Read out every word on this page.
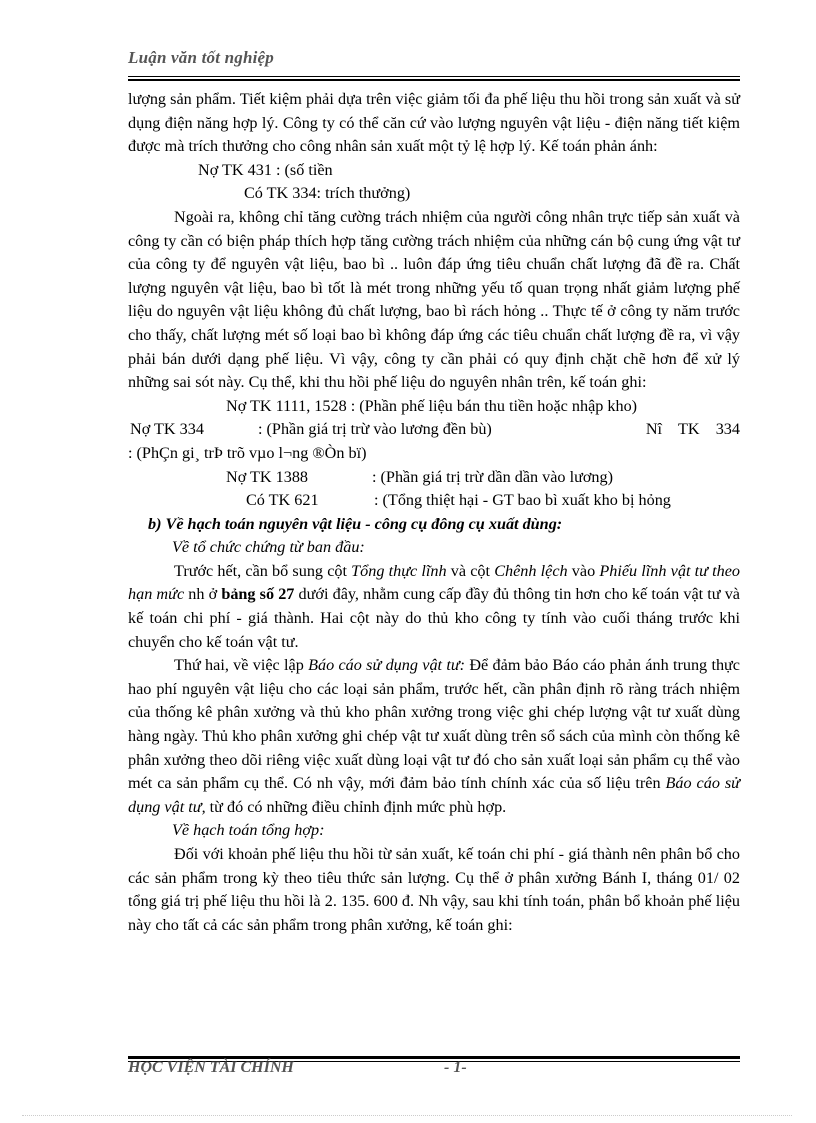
Luận văn tốt nghiệp

lượng sản phẩm. Tiết kiệm phải dựa trên việc giảm tối đa phế liệu thu hồi trong sản xuất và sử dụng điện năng hợp lý. Công ty có thể căn cứ vào lượng nguyên vật liệu - điện năng tiết kiệm được mà trích thưởng cho công nhân sản xuất một tỷ lệ hợp lý. Kế toán phản ánh:

Nợ TK 431 : (số tiền

Có TK 334: trích thưởng)

Ngoài ra, không chỉ tăng cường trách nhiệm của người công nhân trực tiếp sản xuất và công ty cần có biện pháp thích hợp tăng cường trách nhiệm của những cán bộ cung ứng vật tư của công ty để nguyên vật liệu, bao bì .. luôn đáp ứng tiêu chuẩn chất lượng đã đề ra. Chất lượng nguyên vật liệu, bao bì tốt là mét trong những yếu tố quan trọng nhất giảm lượng phế liệu do nguyên vật liệu không đủ chất lượng, bao bì rách hỏng .. Thực tế ở công ty năm trước cho thấy, chất lượng mét số loại bao bì không đáp ứng các tiêu chuẩn chất lượng đề ra, vì vậy phải bán dưới dạng phế liệu. Vì vậy, công ty cần phải có quy định chặt chẽ hơn để xử lý những sai sót này. Cụ thể, khi thu hồi phế liệu do nguyên nhân trên, kế toán ghi:

Nợ TK 1111, 1528 : (Phần phế liệu bán thu tiền hoặc nhập kho)

Nợ TK 334	: (Phần giá trị trừ vào lương đền bù)	Nî    TK    334

: (PhÇn gi¸ trÞ trõ vµo l¬ng ®Òn bï)

Nợ TK 1388	: (Phần giá trị trừ dần dần vào lương)

Có TK 621	: (Tổng thiệt hại - GT bao bì xuất kho bị hỏng

b) Về hạch toán nguyên vật liệu - công cụ đông cụ xuất dùng:

Về tổ chức chứng từ ban đầu:

Trước hết, cần bổ sung cột Tổng thực lĩnh và cột Chênh lệch vào Phiếu lĩnh vật tư theo hạn mức nh ở bảng số 27 dưới đây, nhằm cung cấp đầy đủ thông tin hơn cho kế toán vật tư và kế toán chi phí - giá thành. Hai cột này do thủ kho công ty tính vào cuối tháng trước khi chuyển cho kế toán vật tư.

Thứ hai, về việc lập Báo cáo sử dụng vật tư: Để đảm bảo Báo cáo phản ánh trung thực hao phí nguyên vật liệu cho các loại sản phẩm, trước hết, cần phân định rõ ràng trách nhiệm của thống kê phân xưởng và thủ kho phân xưởng trong việc ghi chép lượng vật tư xuất dùng hàng ngày. Thủ kho phân xưởng ghi chép vật tư xuất dùng trên sổ sách của mình còn thống kê phân xưởng theo dõi riêng việc xuất dùng loại vật tư đó cho sản xuất loại sản phẩm cụ thể vào mét ca sản phẩm cụ thể. Có nh vậy, mới đảm bảo tính chính xác của số liệu trên Báo cáo sử dụng vật tư, từ đó có những điều chỉnh định mức phù hợp.

Về hạch toán tổng hợp:

Đối với khoản phế liệu thu hồi từ sản xuất, kế toán chi phí - giá thành nên phân bổ cho các sản phẩm trong kỳ theo tiêu thức sản lượng. Cụ thể ở phân xưởng Bánh I, tháng 01/ 02 tổng giá trị phế liệu thu hồi là 2. 135. 600 đ. Nh vậy, sau khi tính toán, phân bổ khoản phế liệu này cho tất cả các sản phẩm trong phân xưởng, kế toán ghi:

HỌC VIỆN TÀI CHÍNH	- 1-
